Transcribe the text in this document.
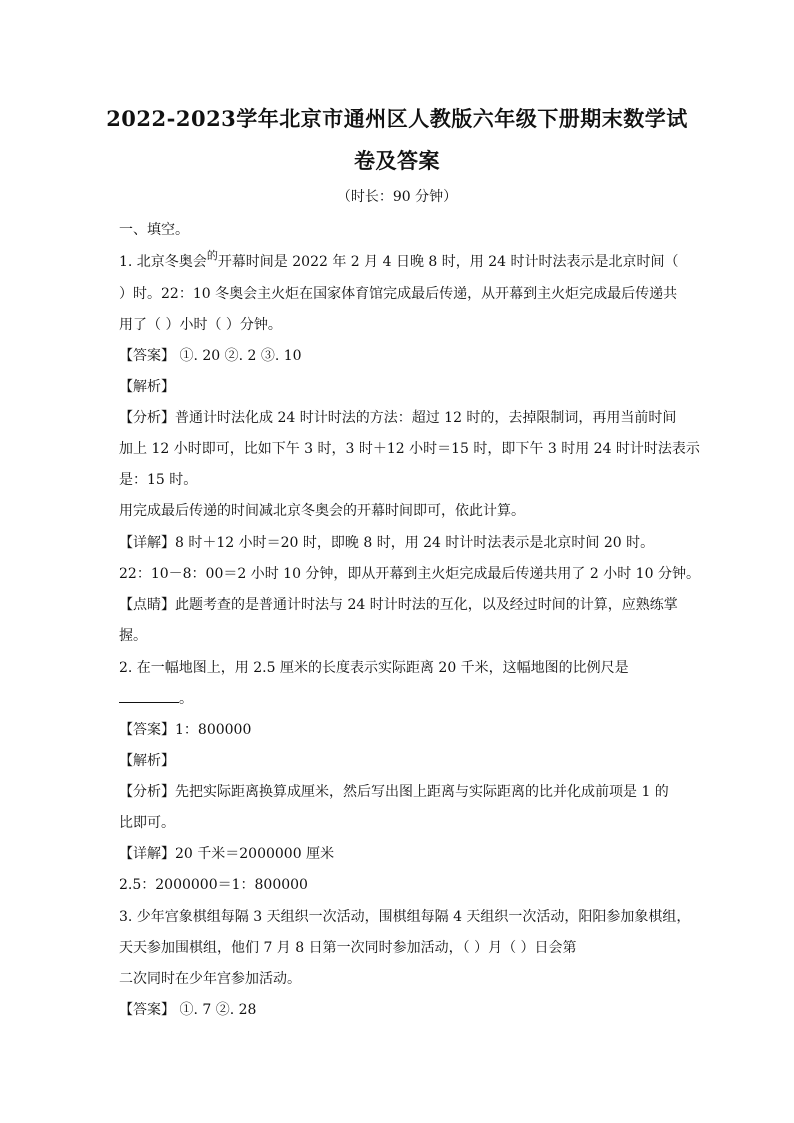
2022-2023学年北京市通州区人教版六年级下册期末数学试
卷及答案
（时长：90 分钟）
一、填空。
1. 北京冬奥会$^的$开幕时间是 2022 年 2 月 4 日晚 8 时，用 24 时计时法表示是北京时间（
）时。22：10 冬奥会主火炬在国家体育馆完成最后传递，从开幕到主火炬完成最后传递共
用了（ ）小时（ ）分钟。
【答案】 ①. 20 ②. 2 ③. 10
【解析】
【分析】普通计时法化成 24 时计时法的方法：超过 12 时的，去掉限制词，再用当前时间
加上 12 小时即可，比如下午 3 时，3 时＋12 小时＝15 时，即下午 3 时用 24 时计时法表示
是：15 时。
用完成最后传递的时间减北京冬奥会的开幕时间即可，依此计算。
【详解】8 时＋12 小时＝20 时，即晚 8 时，用 24 时计时法表示是北京时间 20 时。
22：10－8：00＝2 小时 10 分钟，即从开幕到主火炬完成最后传递共用了 2 小时 10 分钟。
【点睛】此题考查的是普通计时法与 24 时计时法的互化，以及经过时间的计算，应熟练掌
握。
2. 在一幅地图上，用 2.5 厘米的长度表示实际距离 20 千米，这幅地图的比例尺是
。
【答案】1：800000
【解析】
【分析】先把实际距离换算成厘米，然后写出图上距离与实际距离的比并化成前项是 1 的
比即可。
【详解】20 千米＝2000000 厘米
2.5：2000000＝1：800000
3. 少年宫象棋组每隔 3 天组织一次活动，围棋组每隔 4 天组织一次活动，阳阳参加象棋组，
天天参加围棋组，他们 7 月 8 日第一次同时参加活动，（ ）月（ ）日会第
二次同时在少年宫参加活动。
【答案】 ①. 7 ②. 28
